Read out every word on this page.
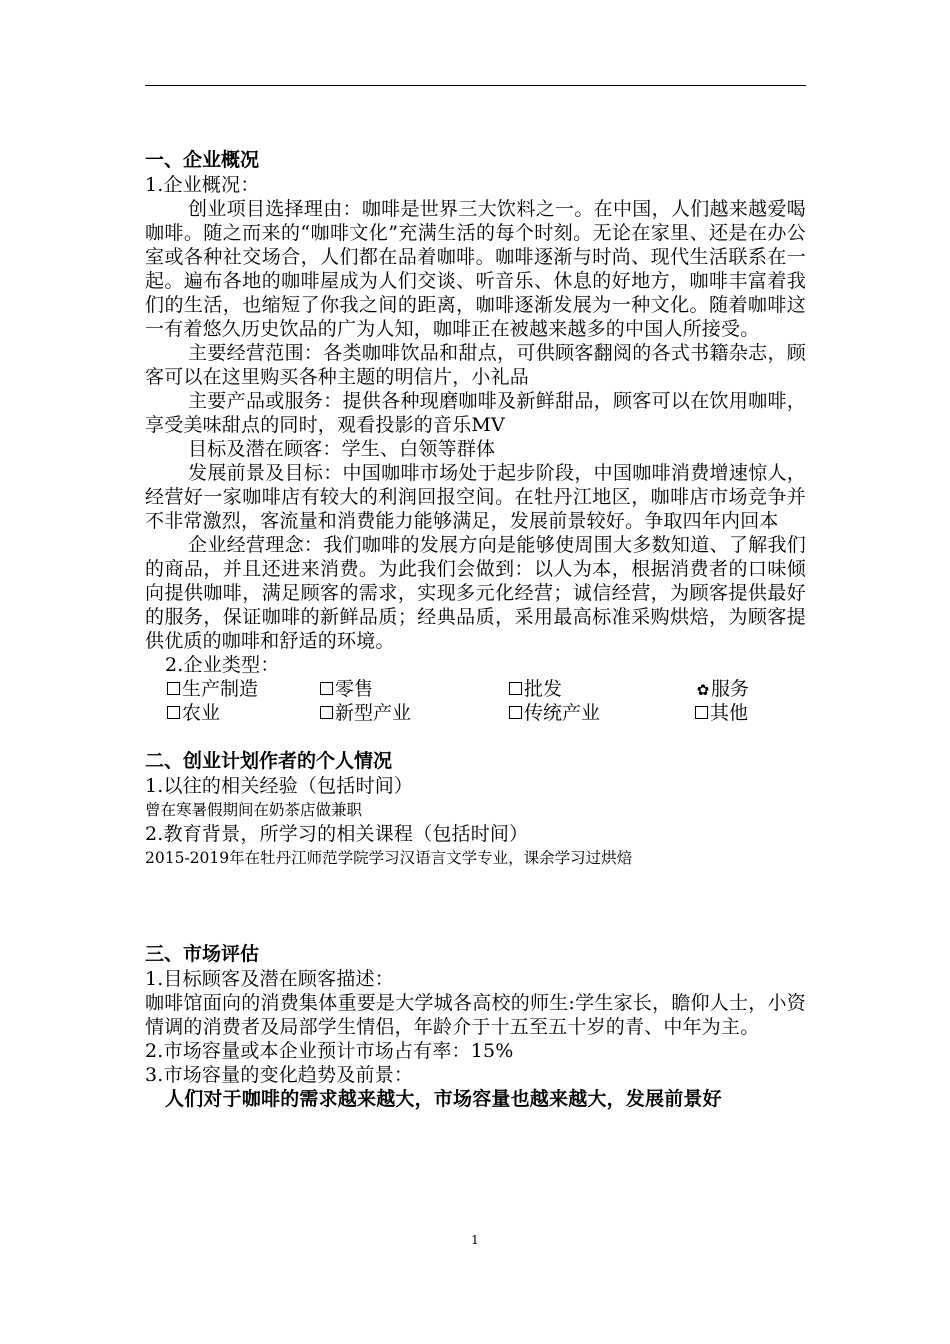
一、企业概况

1.企业概况：

创业项目选择理由：咖啡是世界三大饮料之一。在中国，人们越来越爱喝咖啡。随之而来的“咖啡文化”充满生活的每个时刻。无论在家里、还是在办公室或各种社交场合，人们都在品着咖啡。咖啡逐渐与时尚、现代生活联系在一起。遍布各地的咖啡屋成为人们交谈、听音乐、休息的好地方，咖啡丰富着我们的生活，也缩短了你我之间的距离，咖啡逐渐发展为一种文化。随着咖啡这一有着悠久历史饮品的广为人知，咖啡正在被越来越多的中国人所接受。

主要经营范围：各类咖啡饮品和甜点，可供顾客翻阅的各式书籍杂志，顾客可以在这里购买各种主题的明信片，小礼品

主要产品或服务：提供各种现磨咖啡及新鲜甜品，顾客可以在饮用咖啡，享受美味甜点的同时，观看投影的音乐MV

目标及潜在顾客：学生、白领等群体

发展前景及目标：中国咖啡市场处于起步阶段，中国咖啡消费增速惊人，经营好一家咖啡店有较大的利润回报空间。在牡丹江地区，咖啡店市场竞争并不非常激烈，客流量和消费能力能够满足，发展前景较好。争取四年内回本

企业经营理念：我们咖啡的发展方向是能够使周围大多数知道、了解我们的商品，并且还进来消费。为此我们会做到：以人为本，根据消费者的口味倾向提供咖啡，满足顾客的需求，实现多元化经营；诚信经营，为顾客提供最好的服务，保证咖啡的新鲜品质；经典品质，采用最高标准采购烘焙，为顾客提供优质的咖啡和舒适的环境。

2.企业类型：

生产制造	零售	批发	✿服务
农业	新型产业	传统产业	其他
二、创业计划作者的个人情况

1.以往的相关经验（包括时间）

曾在寒暑假期间在奶茶店做兼职

2.教育背景，所学习的相关课程（包括时间）

2015-2019年在牡丹江师范学院学习汉语言文学专业，课余学习过烘焙

三、市场评估

1.目标顾客及潜在顾客描述：

咖啡馆面向的消费集体重要是大学城各高校的师生:学生家长，瞻仰人士，小资情调的消费者及局部学生情侣，年龄介于十五至五十岁的青、中年为主。

2.市场容量或本企业预计市场占有率：15%

3.市场容量的变化趋势及前景：

人们对于咖啡的需求越来越大，市场容量也越来越大，发展前景好

1
